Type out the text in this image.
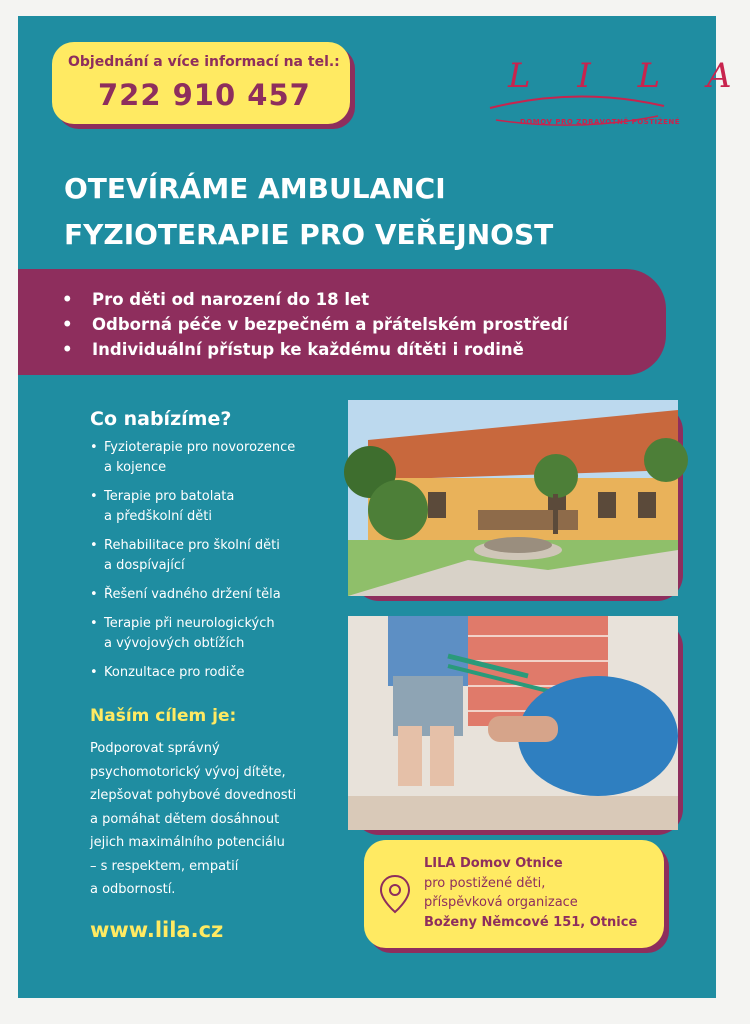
Objednání a více informací na tel.:
722 910 457	L I L A
DOMOV PRO ZDRAVOTNĚ POSTIŽENÉ
OTEVÍRÁME AMBULANCI
FYZIOTERAPIE PRO VEŘEJNOST
• Pro děti od narození do 18 let
• Odborná péče v bezpečném a přátelském prostředí
• Individuální přístup ke každému dítěti i rodině
Co nabízíme?
• Fyzioterapie pro novorozence
a kojence
• Terapie pro batolata
a předškolní děti
• Rehabilitace pro školní děti
a dospívající
• Řešení vadného držení těla
• Terapie při neurologických
a vývojových obtížích
• Konzultace pro rodiče
Naším cílem je:
Podporovat správný
psychomotorický vývoj dítěte,
zlepšovat pohybové dovednosti
a pomáhat dětem dosáhnout
jejich maximálního potenciálu
– s respektem, empatií
a odborností.
www.lila.cz
LILA Domov Otnice
pro postižené děti,
příspěvková organizace
Boženy Němcové 151, Otnice
